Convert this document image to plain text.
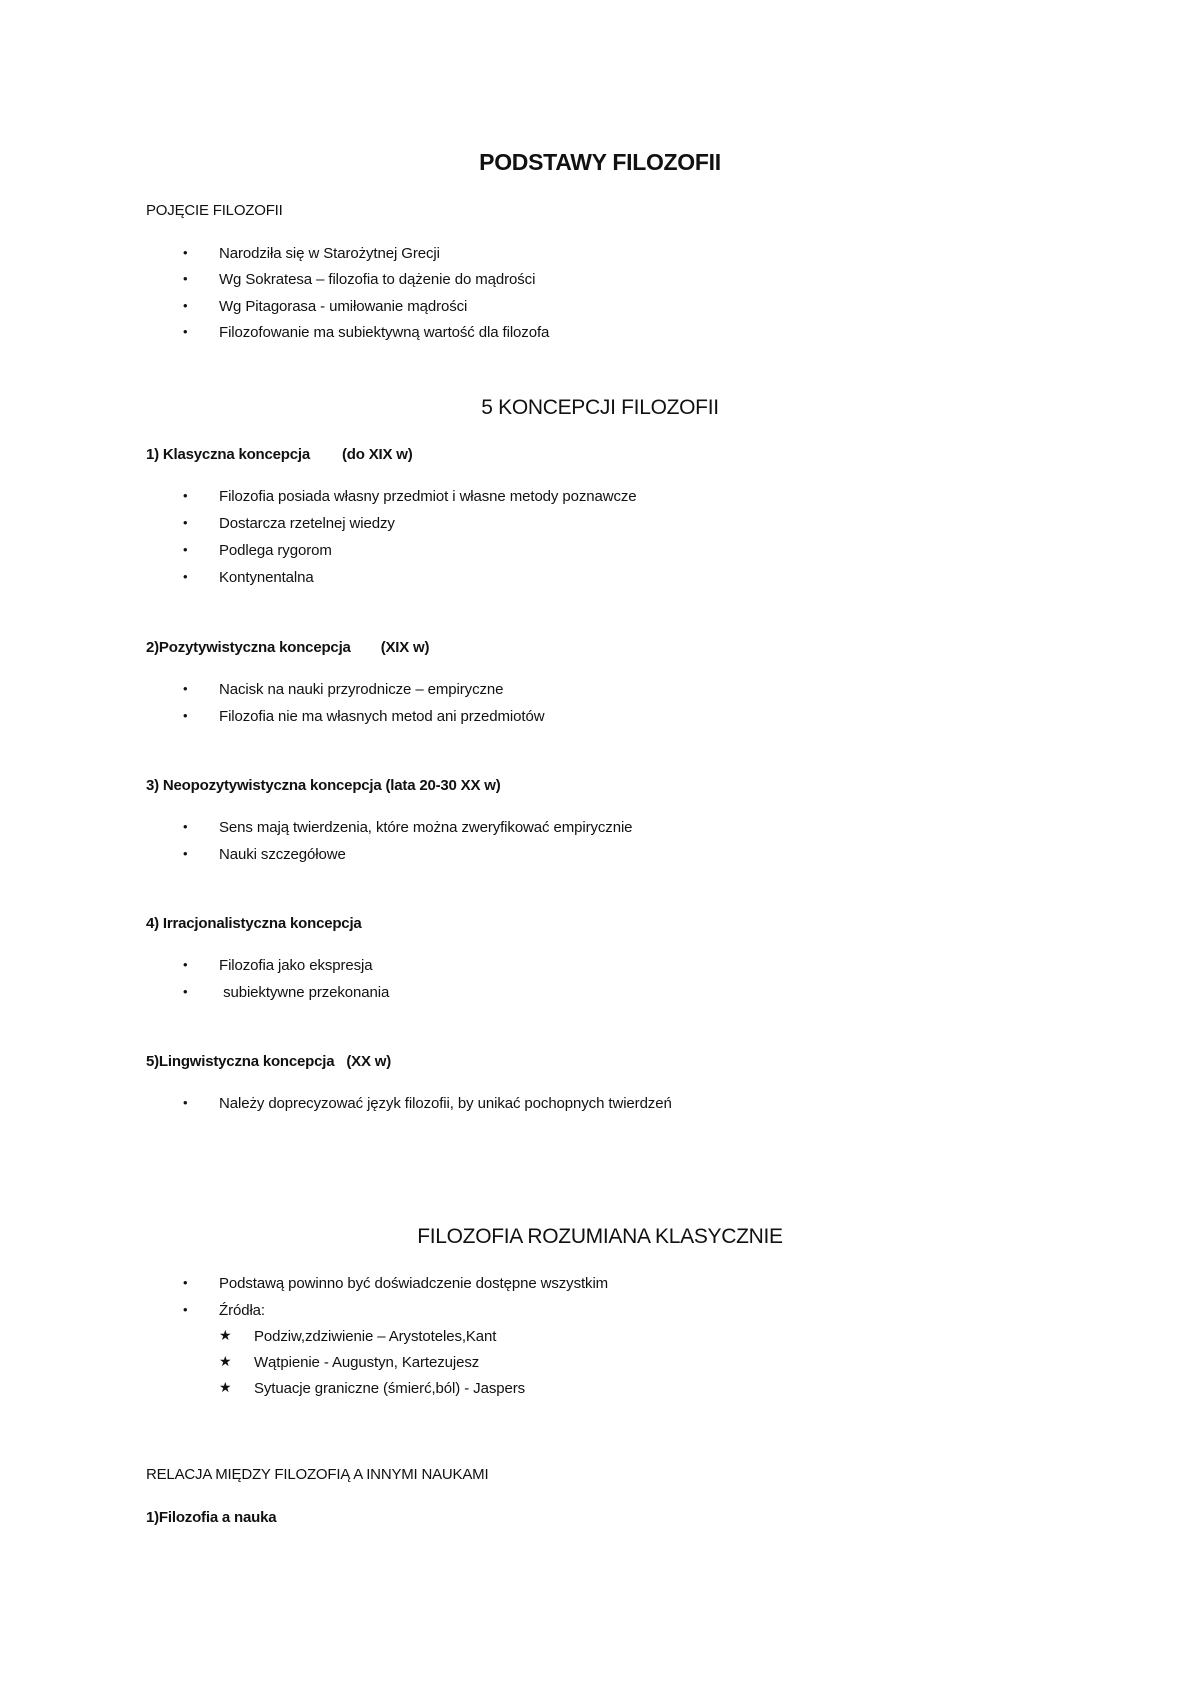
PODSTAWY FILOZOFII
POJĘCIE FILOZOFII
• Narodziła się w Starożytnej Grecji
• Wg Sokratesa – filozofia to dążenie do mądrości
• Wg Pitagorasa - umiłowanie mądrości
• Filozofowanie ma subiektywną wartość dla filozofa
5 KONCEPCJI FILOZOFII
1) Klasyczna koncepcja (do XIX w)
• Filozofia posiada własny przedmiot i własne metody poznawcze
• Dostarcza rzetelnej wiedzy
• Podlega rygorom
• Kontynentalna
2)Pozytywistyczna koncepcja (XIX w)
• Nacisk na nauki przyrodnicze – empiryczne
• Filozofia nie ma własnych metod ani przedmiotów
3) Neopozytywistyczna koncepcja (lata 20-30 XX w)
• Sens mają twierdzenia, które można zweryfikować empirycznie
• Nauki szczegółowe
4) Irracjonalistyczna koncepcja
• Filozofia jako ekspresja
• subiektywne przekonania
5)Lingwistyczna koncepcja (XX w)
• Należy doprecyzować język filozofii, by unikać pochopnych twierdzeń
FILOZOFIA ROZUMIANA KLASYCZNIE
• Podstawą powinno być doświadczenie dostępne wszystkim
• Źródła:
★ Podziw,zdziwienie – Arystoteles,Kant
★ Wątpienie - Augustyn, Kartezujesz
★ Sytuacje graniczne (śmierć,ból) - Jaspers
RELACJA MIĘDZY FILOZOFIĄ A INNYMI NAUKAMI
1)Filozofia a nauka
